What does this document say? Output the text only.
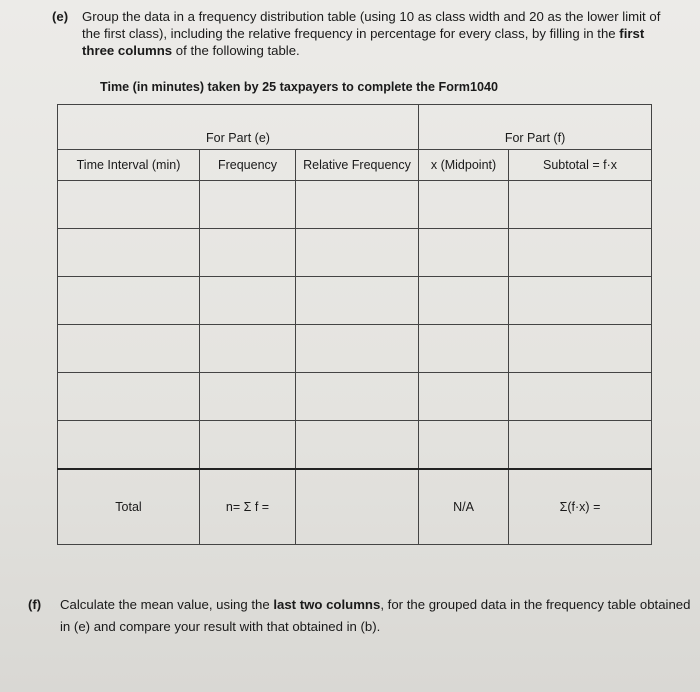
(e) Group the data in a frequency distribution table (using 10 as class width and 20 as the lower limit of the first class), including the relative frequency in percentage for every class, by filling in the first three columns of the following table.
Time (in minutes) taken by 25 taxpayers to complete the Form1040
For Part (e)			For Part (f)	
Time Interval (min)	Frequency	Relative Frequency	x (Midpoint)	Subtotal = f·x

Total	n= Σ f =		N/A	Σ(f·x) =
(f) Calculate the mean value, using the last two columns, for the grouped data in the frequency table obtained in (e) and compare your result with that obtained in (b).
